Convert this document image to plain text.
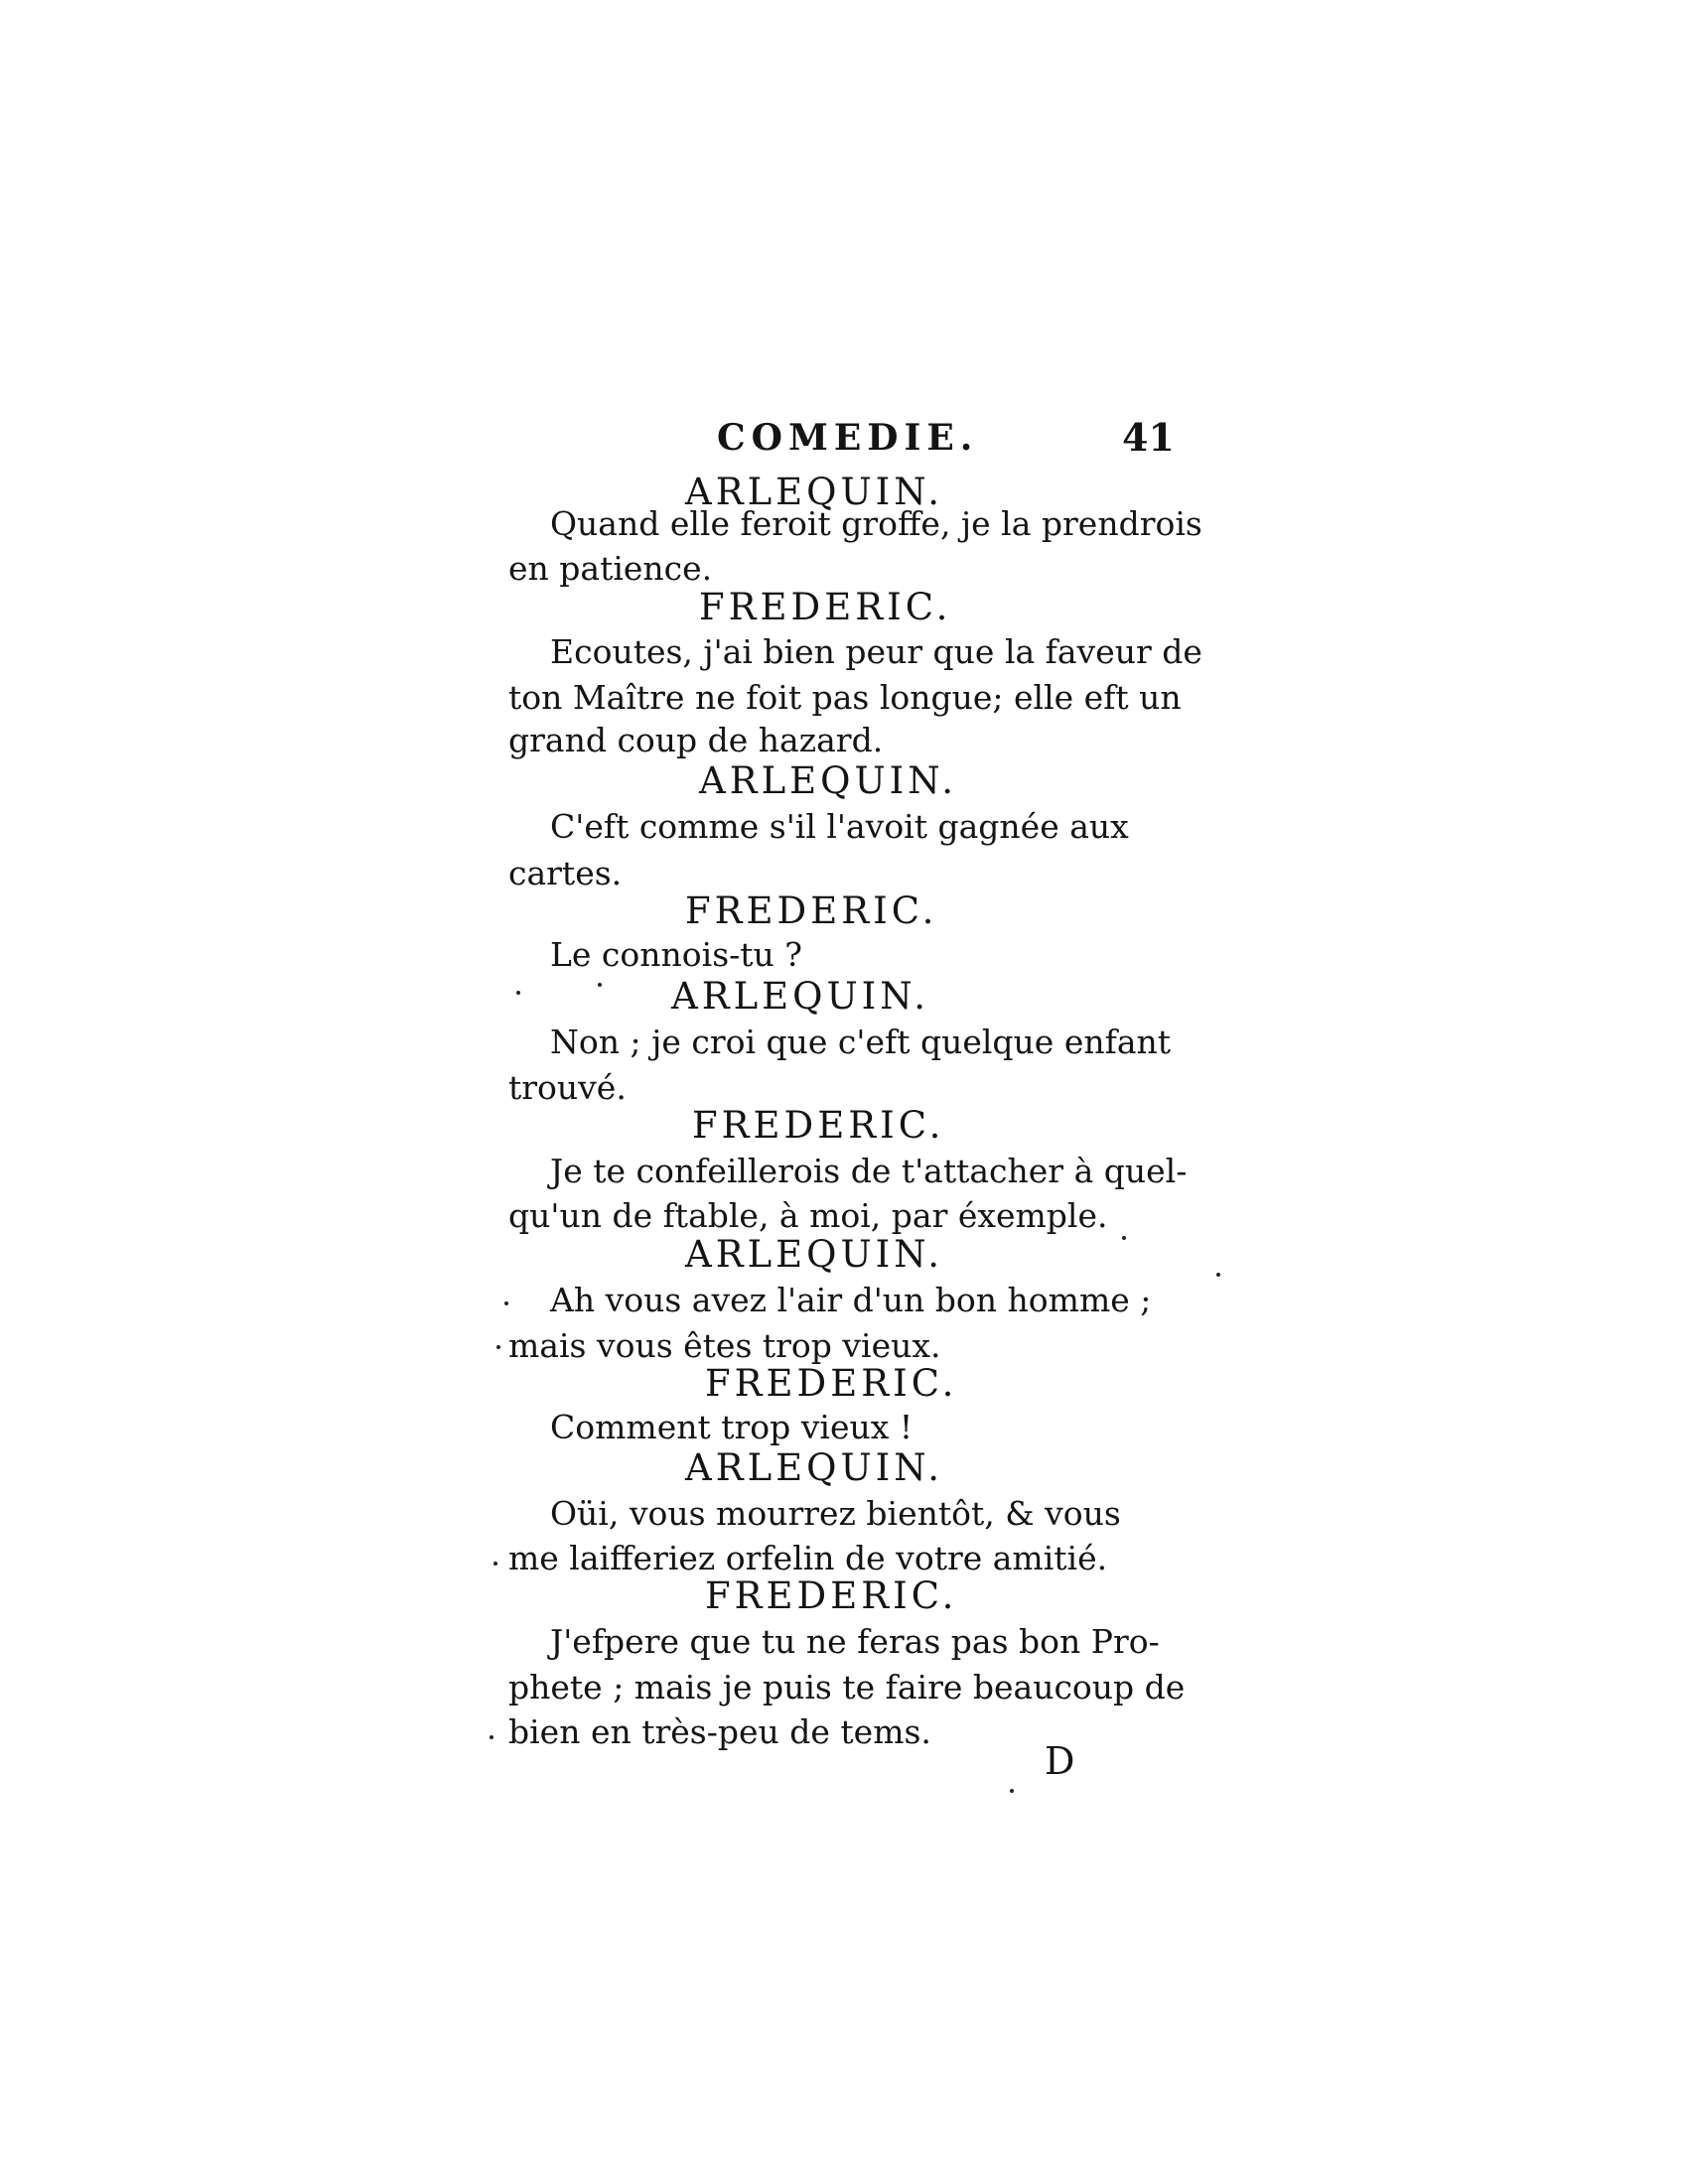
COMEDIE.	41
ARLEQUIN.
Quand elle feroit groffe, je la prendrois
en patience.
FREDERIC.
Ecoutes, j'ai bien peur que la faveur de
ton Maître ne foit pas longue; elle eft un
grand coup de hazard.
ARLEQUIN.
C'eft comme s'il l'avoit gagnée aux
cartes.
FREDERIC.
Le connois-tu ?
ARLEQUIN.
Non ; je croi que c'eft quelque enfant
trouvé.
FREDERIC.
Je te confeillerois de t'attacher à quel-
qu'un de ftable, à moi, par éxemple.
ARLEQUIN.
Ah vous avez l'air d'un bon homme ;
mais vous êtes trop vieux.
FREDERIC.
Comment trop vieux !
ARLEQUIN.
Oüi, vous mourrez bientôt, & vous
me laifferiez orfelin de votre amitié.
FREDERIC.
J'efpere que tu ne feras pas bon Pro-
phete ; mais je puis te faire beaucoup de
bien en très-peu de tems.
D
